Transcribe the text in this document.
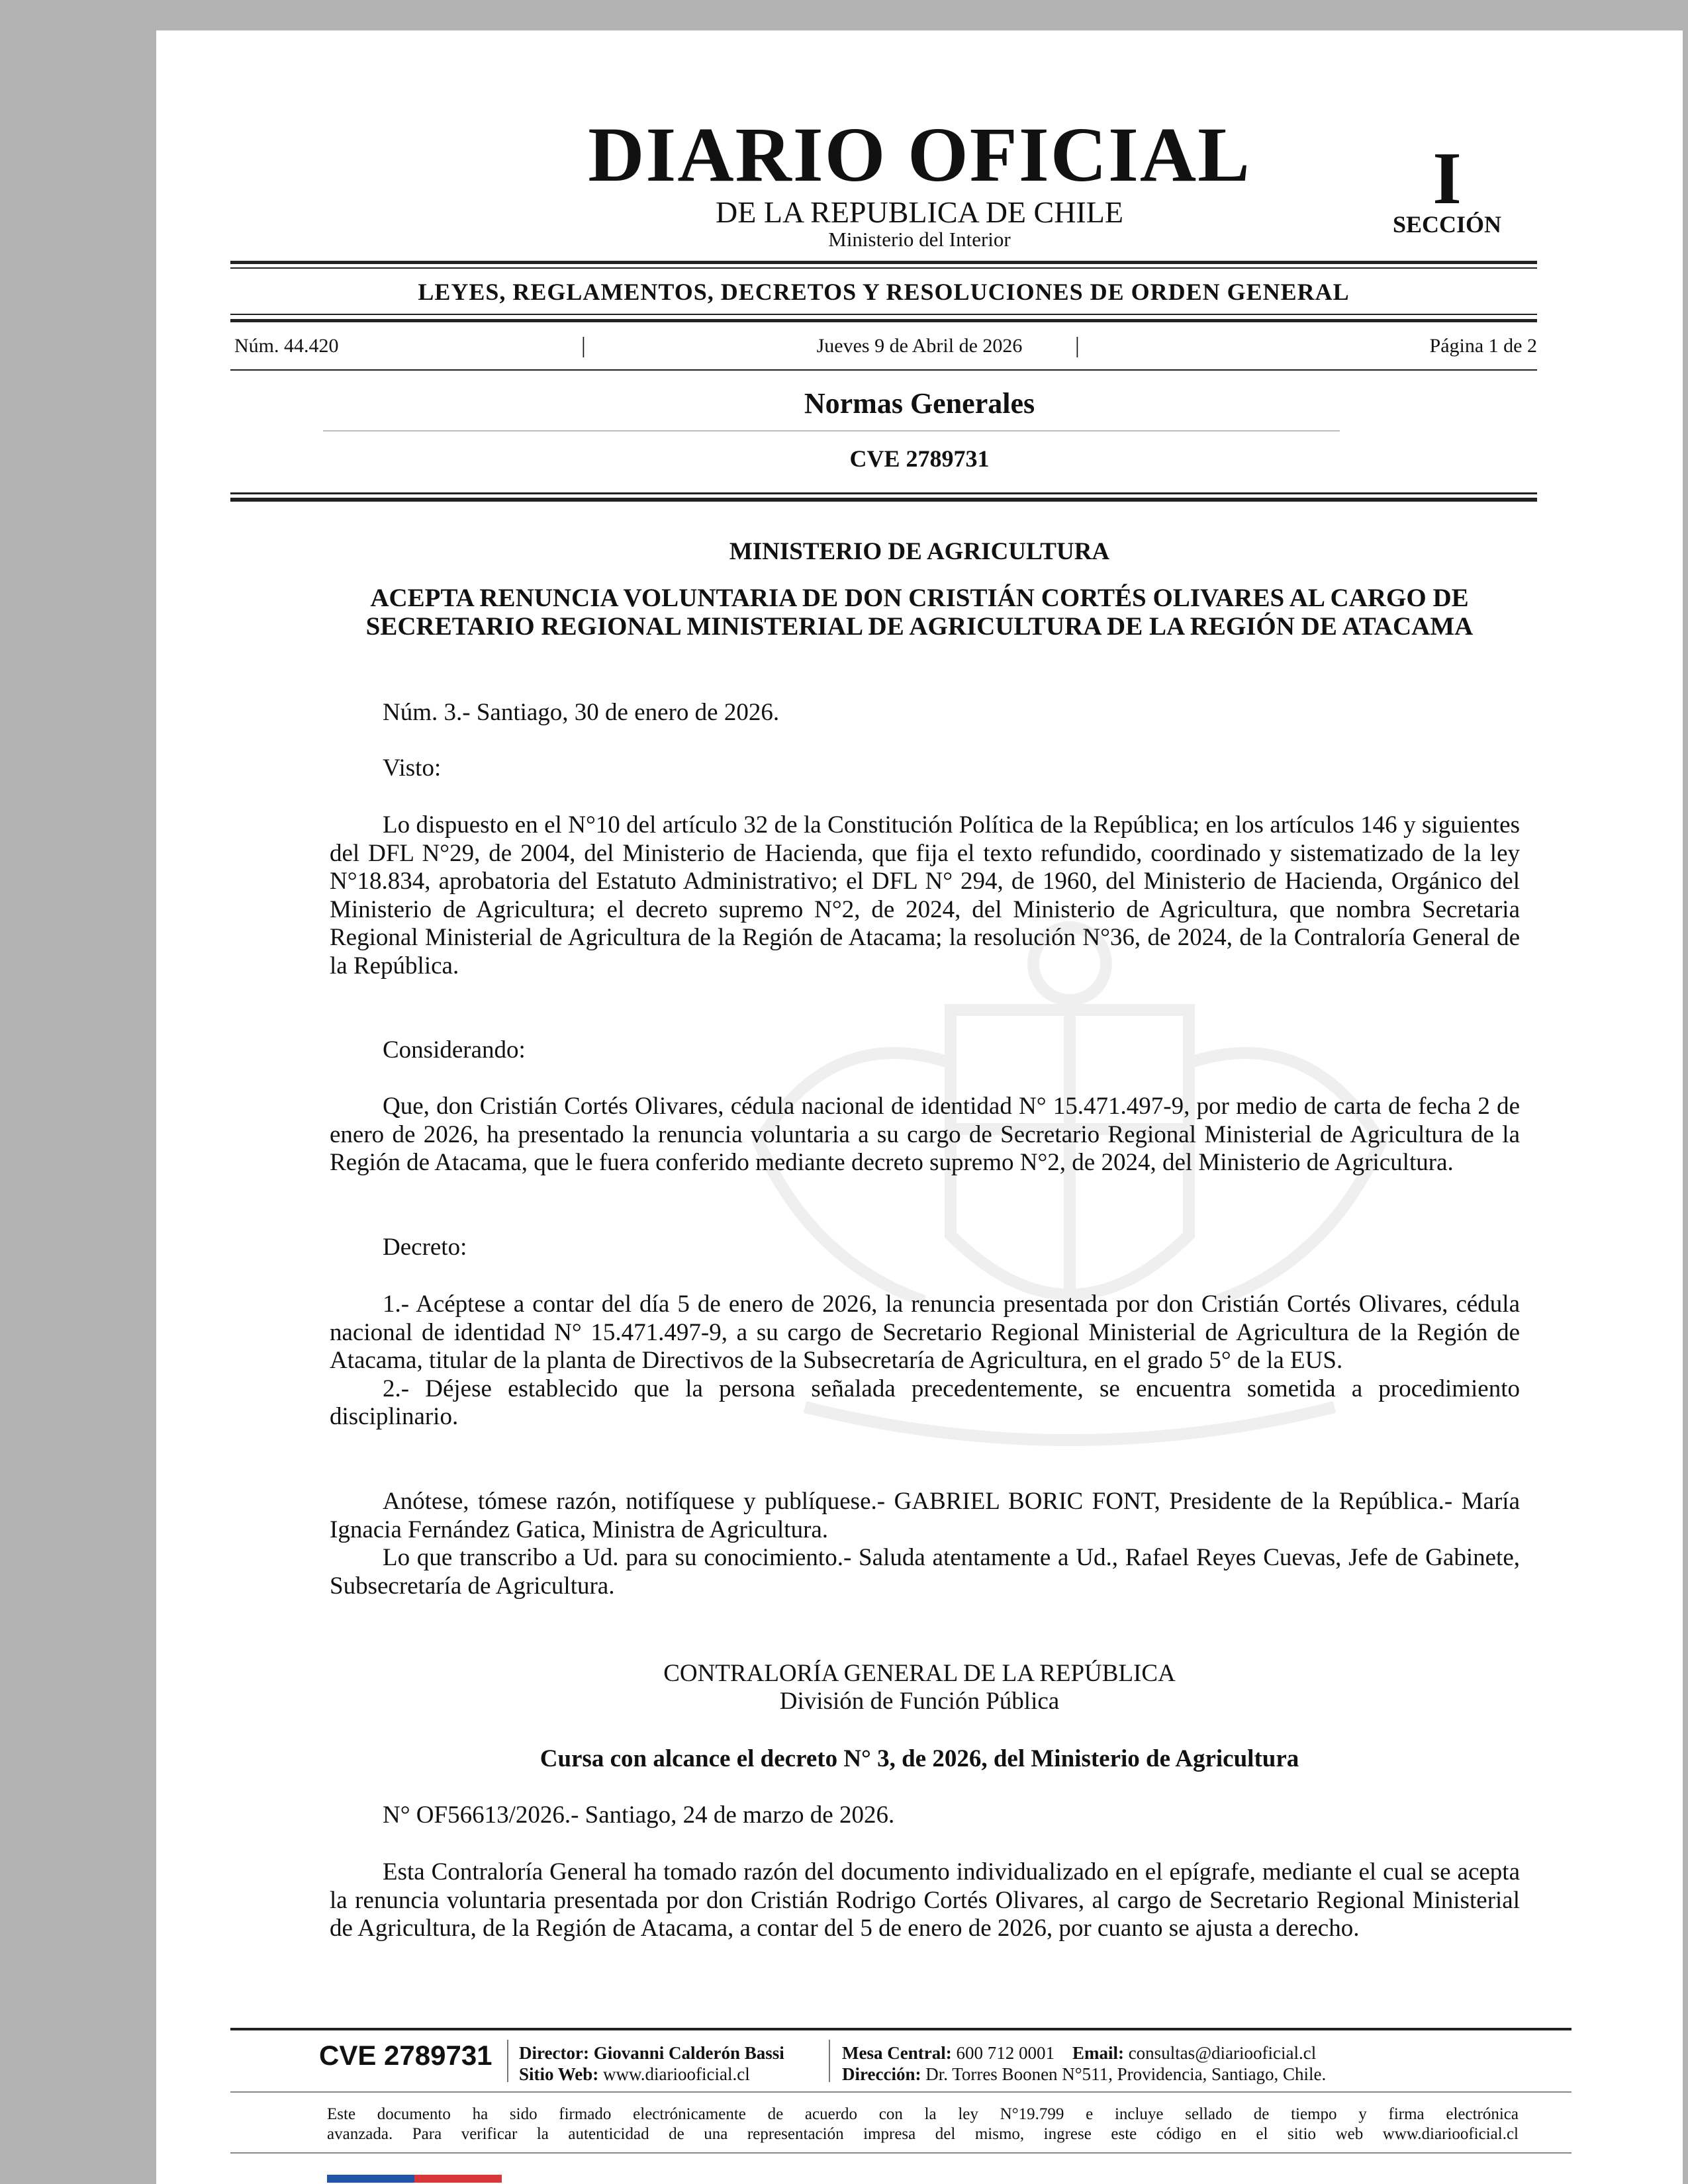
DIARIO OFICIAL
DE LA REPUBLICA DE CHILE
Ministerio del Interior
I
SECCIÓN
LEYES, REGLAMENTOS, DECRETOS Y RESOLUCIONES DE ORDEN GENERAL
Núm. 44.420	|	Jueves 9 de Abril de 2026	|	Página 1 de 2
Normas Generales
CVE 2789731
MINISTERIO DE AGRICULTURA
ACEPTA RENUNCIA VOLUNTARIA DE DON CRISTIÁN CORTÉS OLIVARES AL CARGO DE SECRETARIO REGIONAL MINISTERIAL DE AGRICULTURA DE LA REGIÓN DE ATACAMA

Núm. 3.- Santiago, 30 de enero de 2026.

Visto:

Lo dispuesto en el N°10 del artículo 32 de la Constitución Política de la República; en los artículos 146 y siguientes del DFL N°29, de 2004, del Ministerio de Hacienda, que fija el texto refundido, coordinado y sistematizado de la ley N°18.834, aprobatoria del Estatuto Administrativo; el DFL N° 294, de 1960, del Ministerio de Hacienda, Orgánico del Ministerio de Agricultura; el decreto supremo N°2, de 2024, del Ministerio de Agricultura, que nombra Secretaria Regional Ministerial de Agricultura de la Región de Atacama; la resolución N°36, de 2024, de la Contraloría General de la República.

Considerando:

Que, don Cristián Cortés Olivares, cédula nacional de identidad N° 15.471.497-9, por medio de carta de fecha 2 de enero de 2026, ha presentado la renuncia voluntaria a su cargo de Secretario Regional Ministerial de Agricultura de la Región de Atacama, que le fuera conferido mediante decreto supremo N°2, de 2024, del Ministerio de Agricultura.

Decreto:

1.- Acéptese a contar del día 5 de enero de 2026, la renuncia presentada por don Cristián Cortés Olivares, cédula nacional de identidad N° 15.471.497-9, a su cargo de Secretario Regional Ministerial de Agricultura de la Región de Atacama, titular de la planta de Directivos de la Subsecretaría de Agricultura, en el grado 5° de la EUS.

2.- Déjese establecido que la persona señalada precedentemente, se encuentra sometida a procedimiento disciplinario.

Anótese, tómese razón, notifíquese y publíquese.- GABRIEL BORIC FONT, Presidente de la República.- María Ignacia Fernández Gatica, Ministra de Agricultura.

Lo que transcribo a Ud. para su conocimiento.- Saluda atentamente a Ud., Rafael Reyes Cuevas, Jefe de Gabinete, Subsecretaría de Agricultura.

CONTRALORÍA GENERAL DE LA REPÚBLICA
División de Función Pública
Cursa con alcance el decreto N° 3, de 2026, del Ministerio de Agricultura

N° OF56613/2026.- Santiago, 24 de marzo de 2026.

Esta Contraloría General ha tomado razón del documento individualizado en el epígrafe, mediante el cual se acepta la renuncia voluntaria presentada por don Cristián Rodrigo Cortés Olivares, al cargo de Secretario Regional Ministerial de Agricultura, de la Región de Atacama, a contar del 5 de enero de 2026, por cuanto se ajusta a derecho.

CVE 2789731 Director: Giovanni Calderón Bassi
Sitio Web: www.diariooficial.cl
Mesa Central: 600 712 0001 Email: consultas@diariooficial.cl
Dirección: Dr. Torres Boonen N°511, Providencia, Santiago, Chile.
Este documento ha sido firmado electrónicamente de acuerdo con la ley N°19.799 e incluye sellado de tiempo y firma electrónica
avanzada. Para verificar la autenticidad de una representación impresa del mismo, ingrese este código en el sitio web www.diariooficial.cl
